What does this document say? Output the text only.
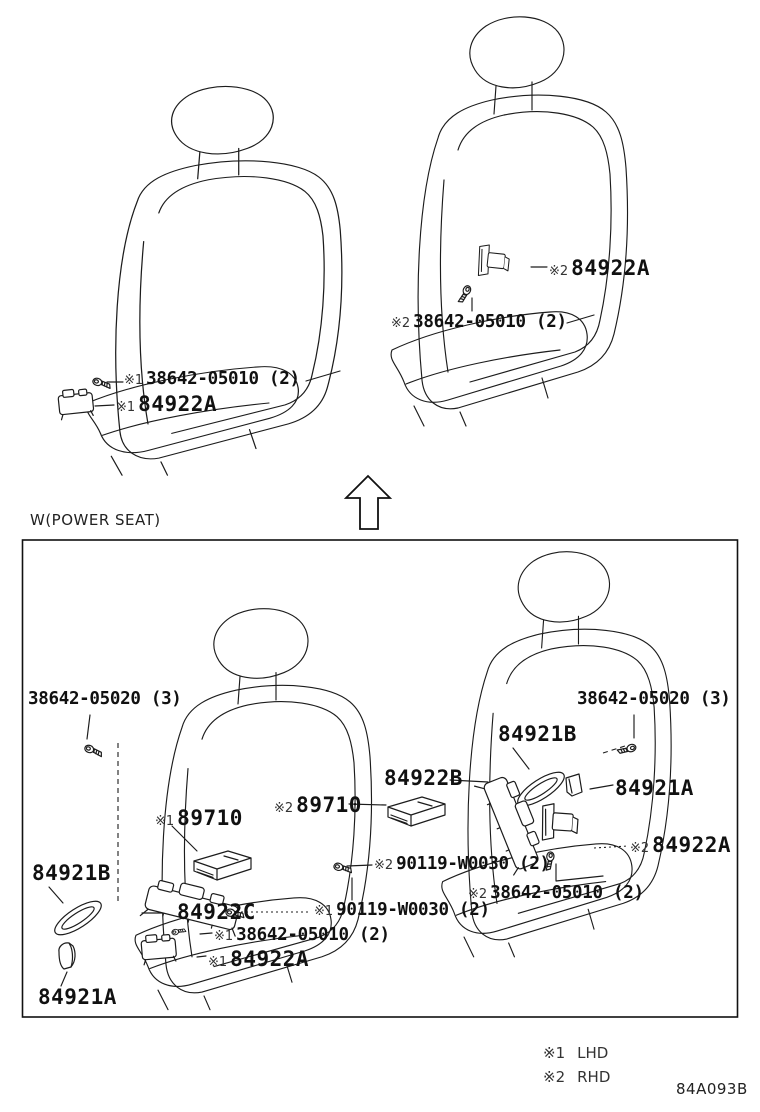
W(POWER SEAT)
※2 84922A
※2 38642-05010 (2)
※1 38642-05010 (2)
※1 84922A
38642-05020 (3)	38642-05020 (3)
84921B
84922B	84921A
※2 89710
※1 89710
※2 84922A
※2 90119-W0030 (2)
84921B
※2 38642-05010 (2)
84922C	※1 90119-W0030 (2)
※1 38642-05010 (2)
※1 84922A
84921A
※1 LHD
※2 RHD
84A093B
